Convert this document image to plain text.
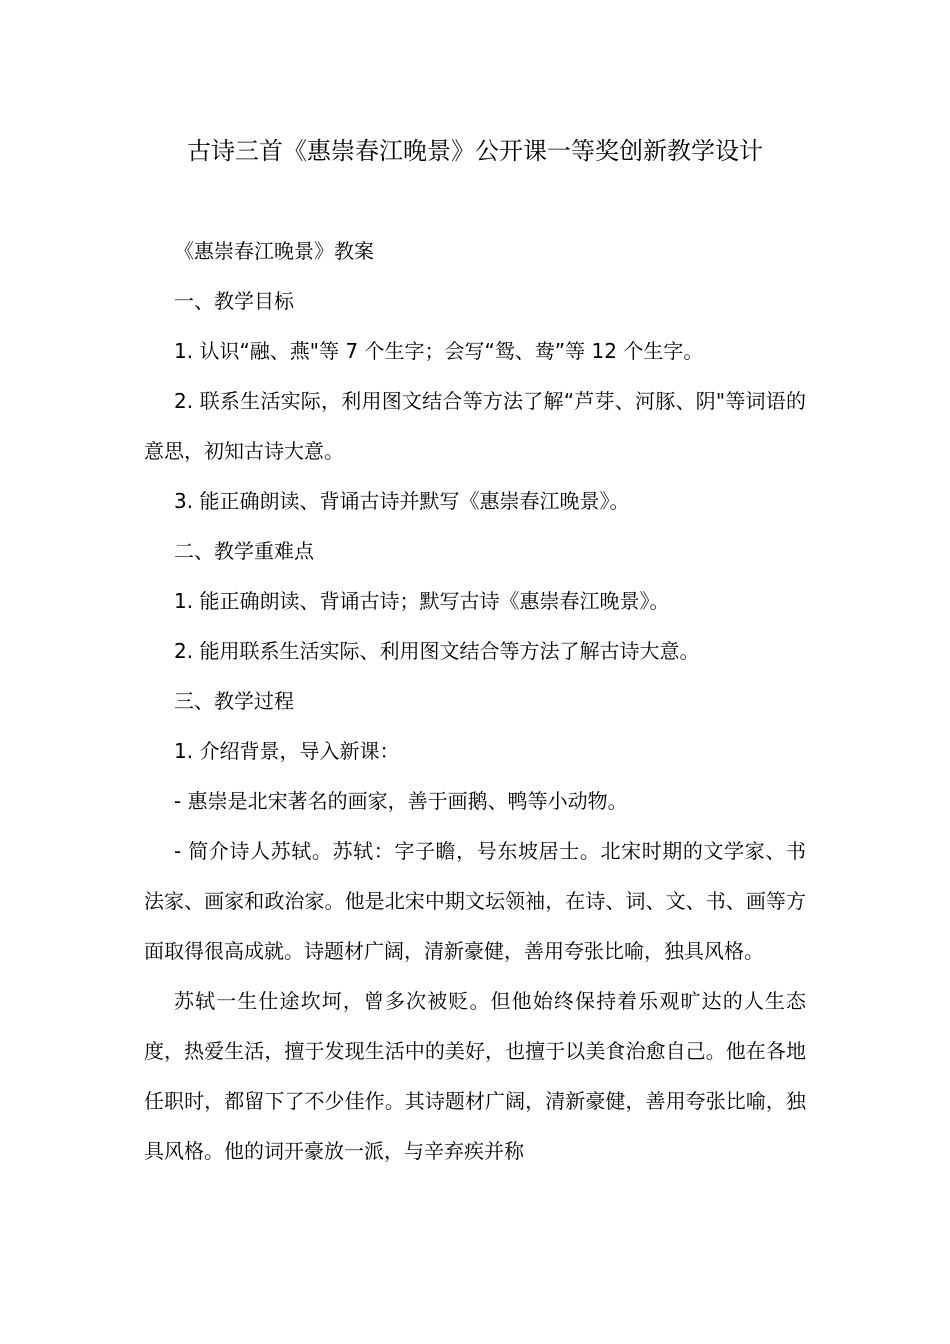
古诗三首《惠崇春江晚景》公开课一等奖创新教学设计

《惠崇春江晚景》教案

一、教学目标

1. 认识“融、燕"等 7 个生字；会写“鸳、鸯”等 12 个生字。

2. 联系生活实际，利用图文结合等方法了解“芦芽、河豚、阴"等词语的意思，初知古诗大意。

3. 能正确朗读、背诵古诗并默写《惠崇春江晚景》。

二、教学重难点

1. 能正确朗读、背诵古诗；默写古诗《惠崇春江晚景》。

2. 能用联系生活实际、利用图文结合等方法了解古诗大意。

三、教学过程

1. 介绍背景，导入新课：

- 惠崇是北宋著名的画家，善于画鹅、鸭等小动物。

- 简介诗人苏轼。苏轼：字子瞻，号东坡居士。北宋时期的文学家、书法家、画家和政治家。他是北宋中期文坛领袖，在诗、词、文、书、画等方面取得很高成就。诗题材广阔，清新豪健，善用夸张比喻，独具风格。

苏轼一生仕途坎坷，曾多次被贬。但他始终保持着乐观旷达的人生态度，热爱生活，擅于发现生活中的美好，也擅于以美食治愈自己。他在各地任职时，都留下了不少佳作。其诗题材广阔，清新豪健，善用夸张比喻，独具风格。他的词开豪放一派，与辛弃疾并称
